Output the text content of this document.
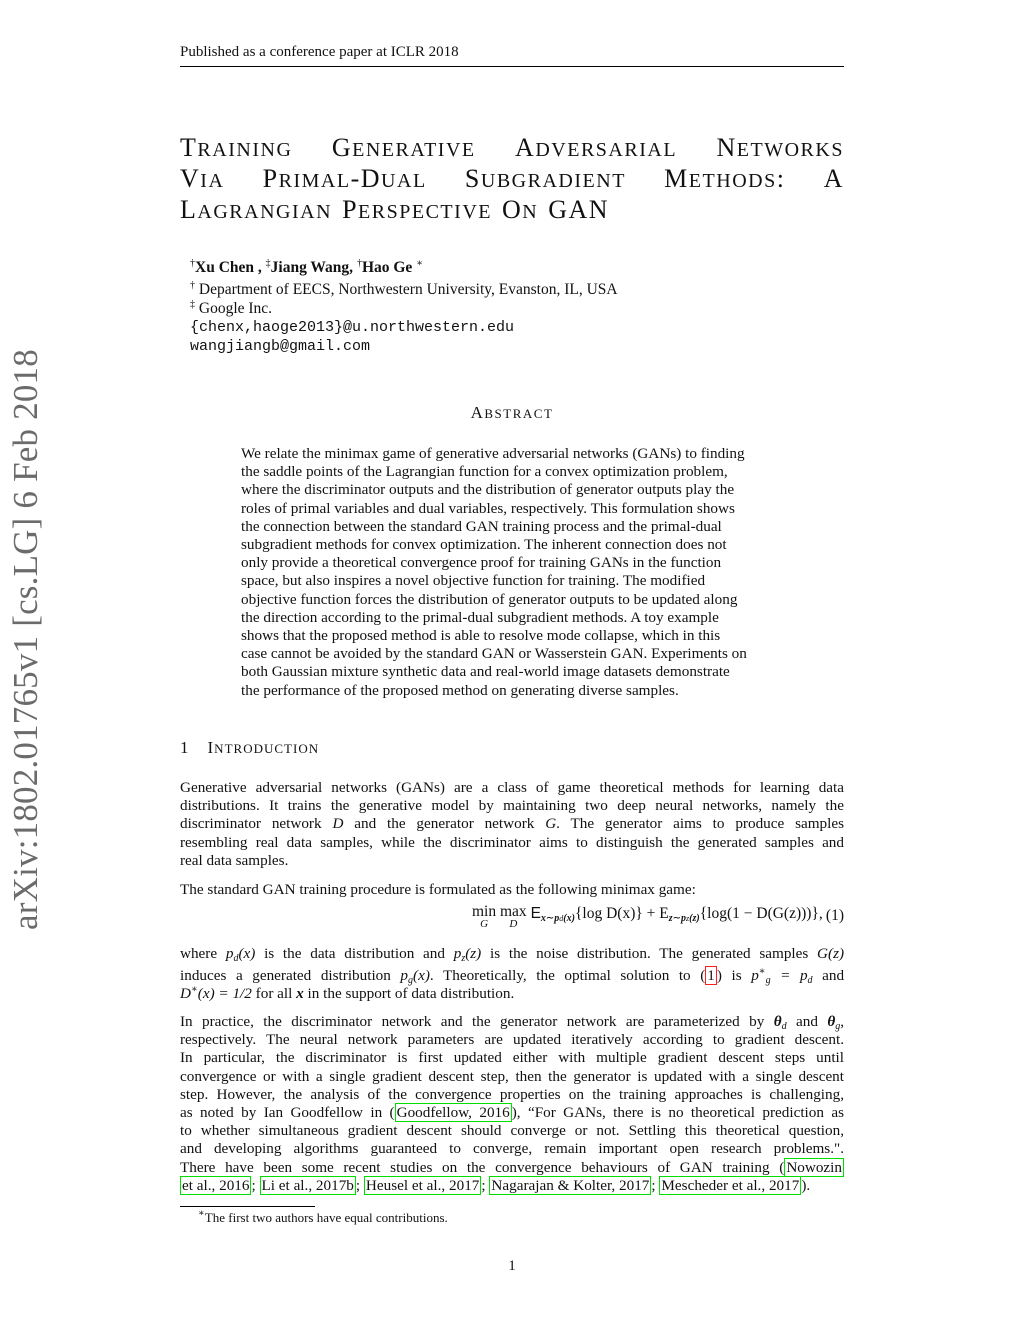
Published as a conference paper at ICLR 2018
arXiv:1802.01765v1 [cs.LG] 6 Feb 2018
TRAINING GENERATIVE ADVERSARIAL NETWORKS
VIA PRIMAL-DUAL SUBGRADIENT METHODS: A
LAGRANGIAN PERSPECTIVE ON GAN
†Xu Chen , ‡Jiang Wang, †Hao Ge ∗
† Department of EECS, Northwestern University, Evanston, IL, USA
‡ Google Inc.
{chenx,haoge2013}@u.northwestern.edu
wangjiangb@gmail.com
ABSTRACT
We relate the minimax game of generative adversarial networks (GANs) to finding
the saddle points of the Lagrangian function for a convex optimization problem,
where the discriminator outputs and the distribution of generator outputs play the
roles of primal variables and dual variables, respectively. This formulation shows
the connection between the standard GAN training process and the primal-dual
subgradient methods for convex optimization. The inherent connection does not
only provide a theoretical convergence proof for training GANs in the function
space, but also inspires a novel objective function for training. The modified
objective function forces the distribution of generator outputs to be updated along
the direction according to the primal-dual subgradient methods. A toy example
shows that the proposed method is able to resolve mode collapse, which in this
case cannot be avoided by the standard GAN or Wasserstein GAN. Experiments on
both Gaussian mixture synthetic data and real-world image datasets demonstrate
the performance of the proposed method on generating diverse samples.
1 INTRODUCTION
Generative adversarial networks (GANs) are a class of game theoretical methods for learning data
distributions. It trains the generative model by maintaining two deep neural networks, namely the
discriminator network D and the generator network G. The generator aims to produce samples
resembling real data samples, while the discriminator aims to distinguish the generated samples and
real data samples.
The standard GAN training procedure is formulated as the following minimax game:
min
G
max
D
$E_{x\sim pd(x)}\{\log$ $D(x)\} + E_{z\sim pz(z)}\{\log(1 - D(G(z)))\}$, (1)
where $p_d(x)$ is the data distribution and $p_z(z)$ is the noise distribution. The generated samples G(z)
induces a generated distribution $p_g(x)$. Theoretically, the optimal solution to ( 1 ) is $p^∗_g = p_d$ and
D∗(x) = 1/2 for all x in the support of data distribution.
In practice, the discriminator network and the generator network are parameterized by $\theta_d$ and $\theta_g$,
respectively. The neural network parameters are updated iteratively according to gradient descent.
In particular, the discriminator is first updated either with multiple gradient descent steps until
convergence or with a single gradient descent step, then the generator is updated with a single descent
step. However, the analysis of the convergence properties on the training approaches is challenging,
as noted by Ian Goodfellow in ( Goodfellow, 2016 ), “For GANs, there is no theoretical prediction as
to whether simultaneous gradient descent should converge or not. Settling this theoretical question,
and developing algorithms guaranteed to converge, remain important open research problems.".
There have been some recent studies on the convergence behaviours of GAN training ( Nowozin
et al., 2016 ; Li et al., 2017b ; Heusel et al., 2017 ; Nagarajan & Kolter, 2017 ; Mescheder et al., 2017 ).
∗The first two authors have equal contributions.
1
